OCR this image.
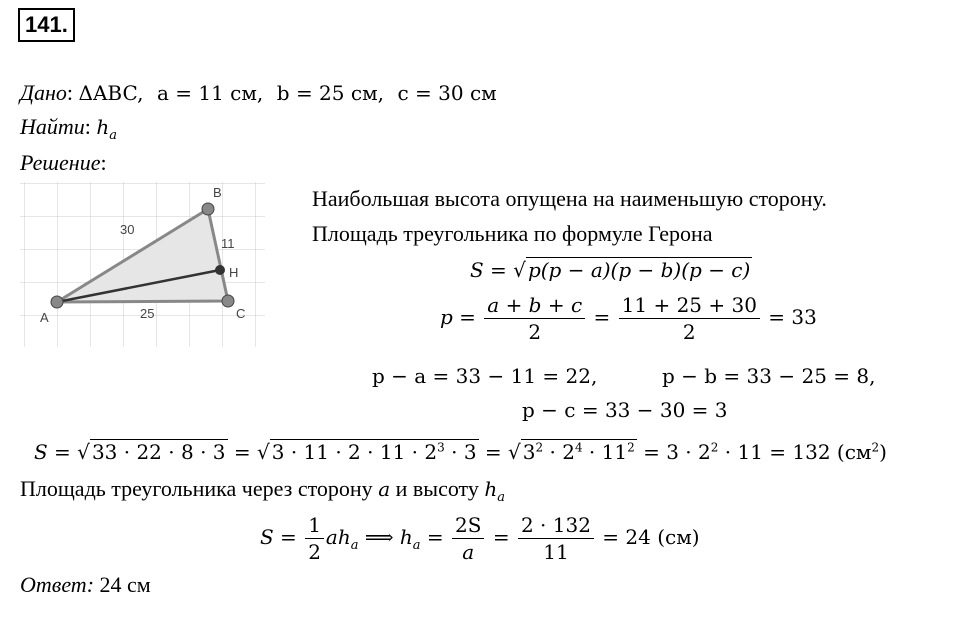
141.
Дано: ΔABC, a = 11 см, b = 25 см, c = 30 см
Найти: $h_a$
Решение:
A
B
C
H
30
11
25
Наибольшая высота опущена на наименьшую сторону.
Площадь треугольника по формуле Герона
S = √ p(p − a)(p − b)(p − c)
$p = \frac{a + b + c}{2} = \frac{11 + 25 + 30}{2} = 33$
p − a = 33 − 11 = 22,	p − b = 33 − 25 = 8,
p − c = 33 − 30 = 3
S = √ 33 · 22 · 8 · 3 = √ $3 \cdot 11 \cdot 2 \cdot 11 \cdot 2^3 \cdot 3$ = √ $3^2 \cdot 2^4 \cdot 11^2 = 3 \cdot 2^2 \cdot 11 = 132$ $(см^2)$
Площадь треугольника через сторону a и высоту $h_a$
$S = \frac{1}{2} ah_a$ ⟹ $h_a = \frac{2S}{a} = \frac{2 \cdot 132}{11} = 24$ (см)
Ответ: 24 см
